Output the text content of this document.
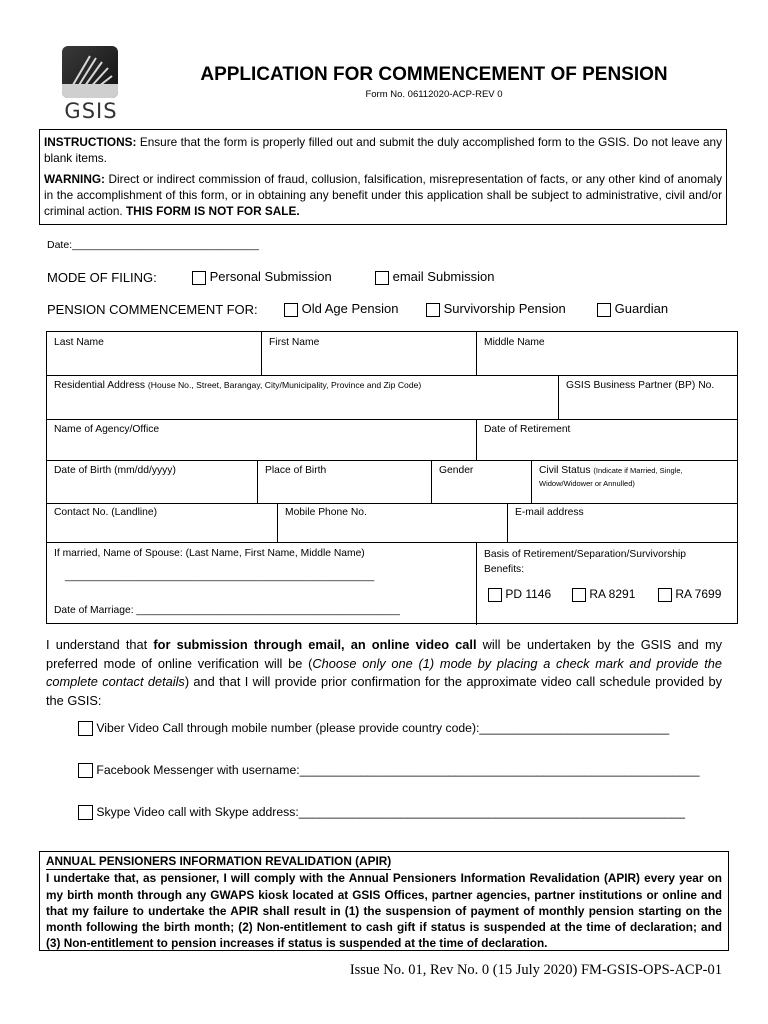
GSIS
APPLICATION FOR COMMENCEMENT OF PENSION
Form No. 06112020-ACP-REV 0

INSTRUCTIONS: Ensure that the form is properly filled out and submit the duly accomplished form to the GSIS. Do not leave any blank items.

WARNING: Direct or indirect commission of fraud, collusion, falsification, misrepresentation of facts, or any other kind of anomaly in the accomplishment of this form, or in obtaining any benefit under this application shall be subject to administrative, civil and/or criminal action. THIS FORM IS NOT FOR SALE.

Date:________________________________
MODE OF FILING:	Personal Submission	email Submission
PENSION COMMENCEMENT FOR:	Old Age Pension	Survivorship Pension	Guardian
Last Name	First Name	Middle Name
Residential Address (House No., Street, Barangay, City/Municipality, Province and Zip Code)	GSIS Business Partner (BP) No.
Name of Agency/Office	Date of Retirement
Date of Birth (mm/dd/yyyy)	Place of Birth	Gender	Civil Status (Indicate if Married, Single, Widow/Widower or Annulled)
Contact No. (Landline)	Mobile Phone No.	E-mail address
If married, Name of Spouse: (Last Name, First Name, Middle Name)
______________________________________________________
Date of Marriage: ______________________________________________
Basis of Retirement/Separation/Survivorship Benefits:
PD 1146	RA 8291	RA 7699
I understand that for submission through email, an online video call will be undertaken by the GSIS and my preferred mode of online verification will be (Choose only one (1) mode by placing a check mark and provide the complete contact details) and that I will provide prior confirmation for the approximate video call schedule provided by the GSIS:
Viber Video Call through mobile number (please provide country code):____________________________
Facebook Messenger with username:___________________________________________________________
Skype Video call with Skype address:_________________________________________________________
ANNUAL PENSIONERS INFORMATION REVALIDATION (APIR)
I undertake that, as pensioner, I will comply with the Annual Pensioners Information Revalidation (APIR) every year on my birth month through any GWAPS kiosk located at GSIS Offices, partner agencies, partner institutions or online and that my failure to undertake the APIR shall result in (1) the suspension of payment of monthly pension starting on the month following the birth month; (2) Non-entitlement to cash gift if status is suspended at the time of declaration; and (3) Non-entitlement to pension increases if status is suspended at the time of declaration.
Issue No. 01, Rev No. 0 (15 July 2020) FM-GSIS-OPS-ACP-01
